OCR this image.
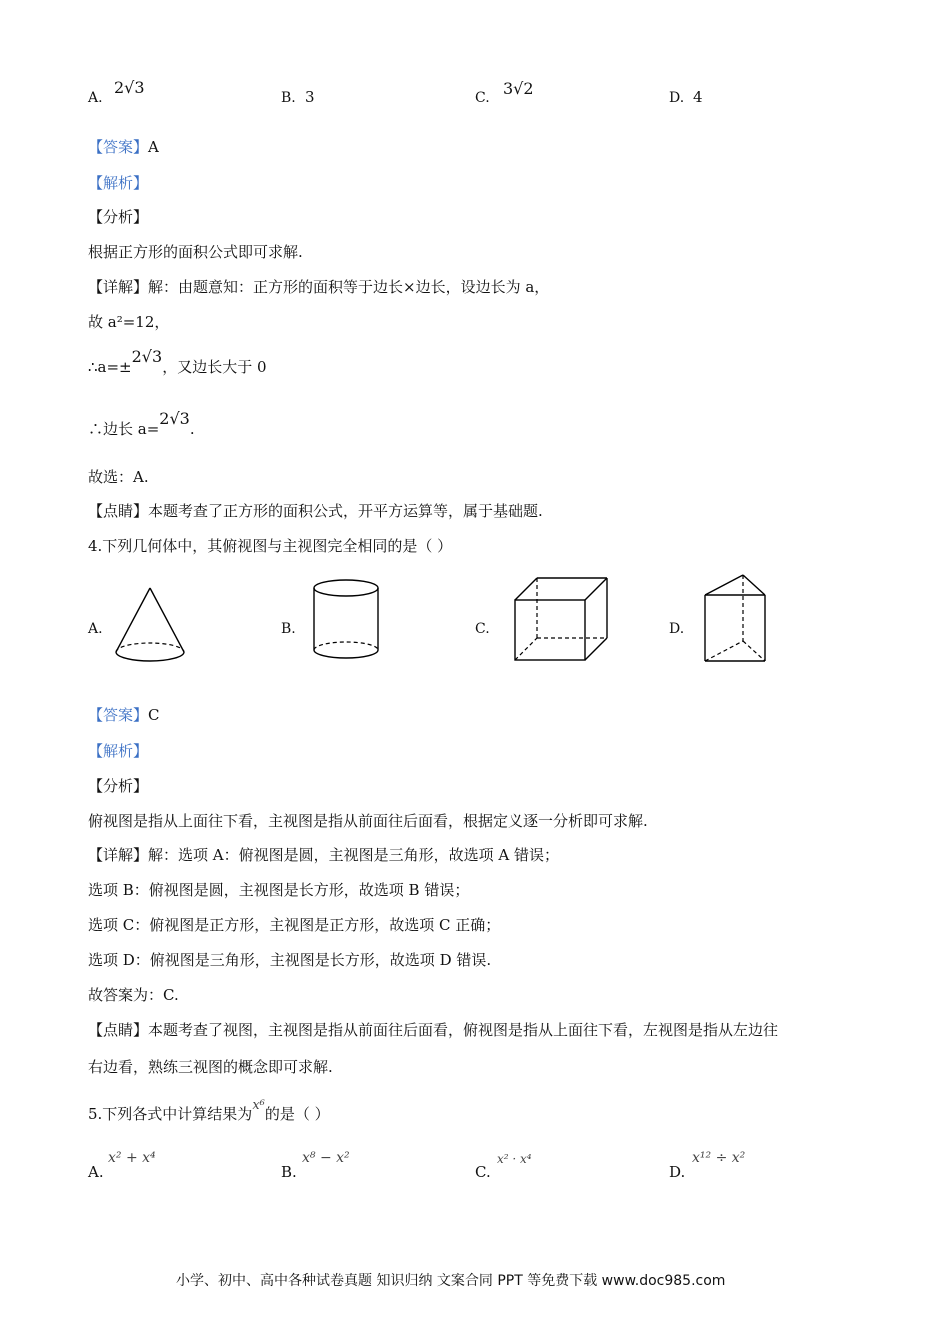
A.
2√3
B. 3	C. 3√2	D. 4
【答案】A
【解析】
【分析】
根据正方形的面积公式即可求解.
【详解】解：由题意知：正方形的面积等于边长×边长，设边长为 a，
故 a²=12，
∴a=±2√3，又边长大于 0
∴边长 a=2√3.
故选：A.
【点睛】本题考查了正方形的面积公式，开平方运算等，属于基础题.
4.下列几何体中，其俯视图与主视图完全相同的是（ ）
A.	B.	C.	D.
【答案】C
【解析】
【分析】
俯视图是指从上面往下看，主视图是指从前面往后面看，根据定义逐一分析即可求解.
【详解】解：选项 A：俯视图是圆，主视图是三角形，故选项 A 错误；
选项 B：俯视图是圆，主视图是长方形，故选项 B 错误；
选项 C：俯视图是正方形，主视图是正方形，故选项 C 正确；
选项 D：俯视图是三角形，主视图是长方形，故选项 D 错误.
故答案为：C.
【点睛】本题考查了视图，主视图是指从前面往后面看，俯视图是指从上面往下看，左视图是指从左边往
右边看，熟练三视图的概念即可求解.
5.下列各式中计算结果为x⁶的是（ ）
A.
x² + x⁴
B.
x⁸ − x²
C.
x² · x⁴
D.
x¹² ÷ x²
小学、初中、高中各种试卷真题 知识归纳 文案合同 PPT 等免费下载 www.doc985.com
